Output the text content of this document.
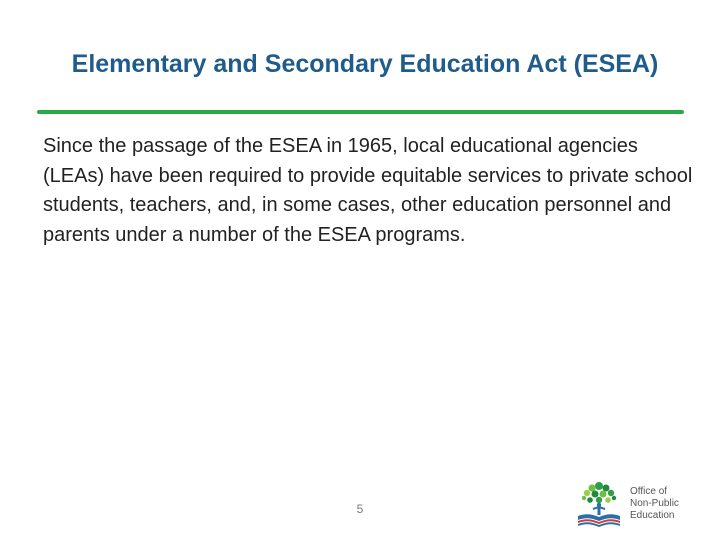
Elementary and Secondary Education Act (ESEA)
Since the passage of the ESEA in 1965, local educational agencies (LEAs) have been required to provide equitable services to private school students, teachers, and, in some cases, other education personnel and parents under a number of the ESEA programs.
5
Office of
Non-Public
Education
